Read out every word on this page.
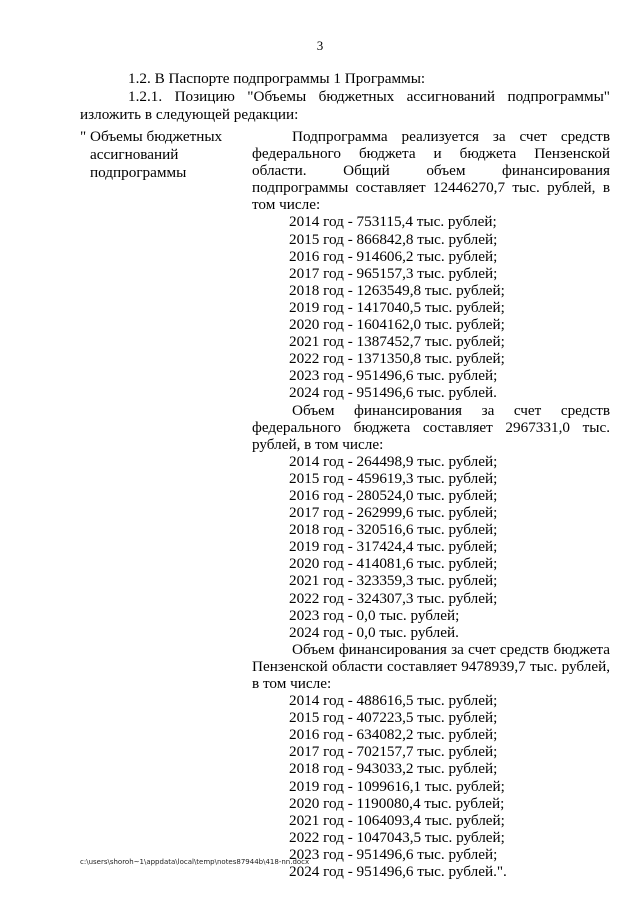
3
1.2. В Паспорте подпрограммы 1 Программы:
1.2.1. Позицию "Объемы бюджетных ассигнований подпрограммы" изложить в следующей редакции:
" Объемы бюджетных ассигнований подпрограммы

Подпрограмма реализуется за счет средств федерального бюджета и бюджета Пензенской области. Общий объем финансирования подпрограммы составляет 12446270,7 тыс. рублей, в том числе:

2014 год - 753115,4 тыс. рублей;
2015 год - 866842,8 тыс. рублей;
2016 год - 914606,2 тыс. рублей;
2017 год - 965157,3 тыс. рублей;
2018 год - 1263549,8 тыс. рублей;
2019 год - 1417040,5 тыс. рублей;
2020 год - 1604162,0 тыс. рублей;
2021 год - 1387452,7 тыс. рублей;
2022 год - 1371350,8 тыс. рублей;
2023 год - 951496,6 тыс. рублей;
2024 год - 951496,6 тыс. рублей.

Объем финансирования за счет средств федерального бюджета составляет 2967331,0 тыс. рублей, в том числе:

2014 год - 264498,9 тыс. рублей;
2015 год - 459619,3 тыс. рублей;
2016 год - 280524,0 тыс. рублей;
2017 год - 262999,6 тыс. рублей;
2018 год - 320516,6 тыс. рублей;
2019 год - 317424,4 тыс. рублей;
2020 год - 414081,6 тыс. рублей;
2021 год - 323359,3 тыс. рублей;
2022 год - 324307,3 тыс. рублей;
2023 год - 0,0 тыс. рублей;
2024 год - 0,0 тыс. рублей.

Объем финансирования за счет средств бюджета Пензенской области составляет 9478939,7 тыс. рублей, в том числе:

2014 год - 488616,5 тыс. рублей;
2015 год - 407223,5 тыс. рублей;
2016 год - 634082,2 тыс. рублей;
2017 год - 702157,7 тыс. рублей;
2018 год - 943033,2 тыс. рублей;
2019 год - 1099616,1 тыс. рублей;
2020 год - 1190080,4 тыс. рублей;
2021 год - 1064093,4 тыс. рублей;
2022 год - 1047043,5 тыс. рублей;
2023 год - 951496,6 тыс. рублей;
2024 год - 951496,6 тыс. рублей.".
c:\users\shoroh~1\appdata\local\temp\notes87944b\418-nn.docx
